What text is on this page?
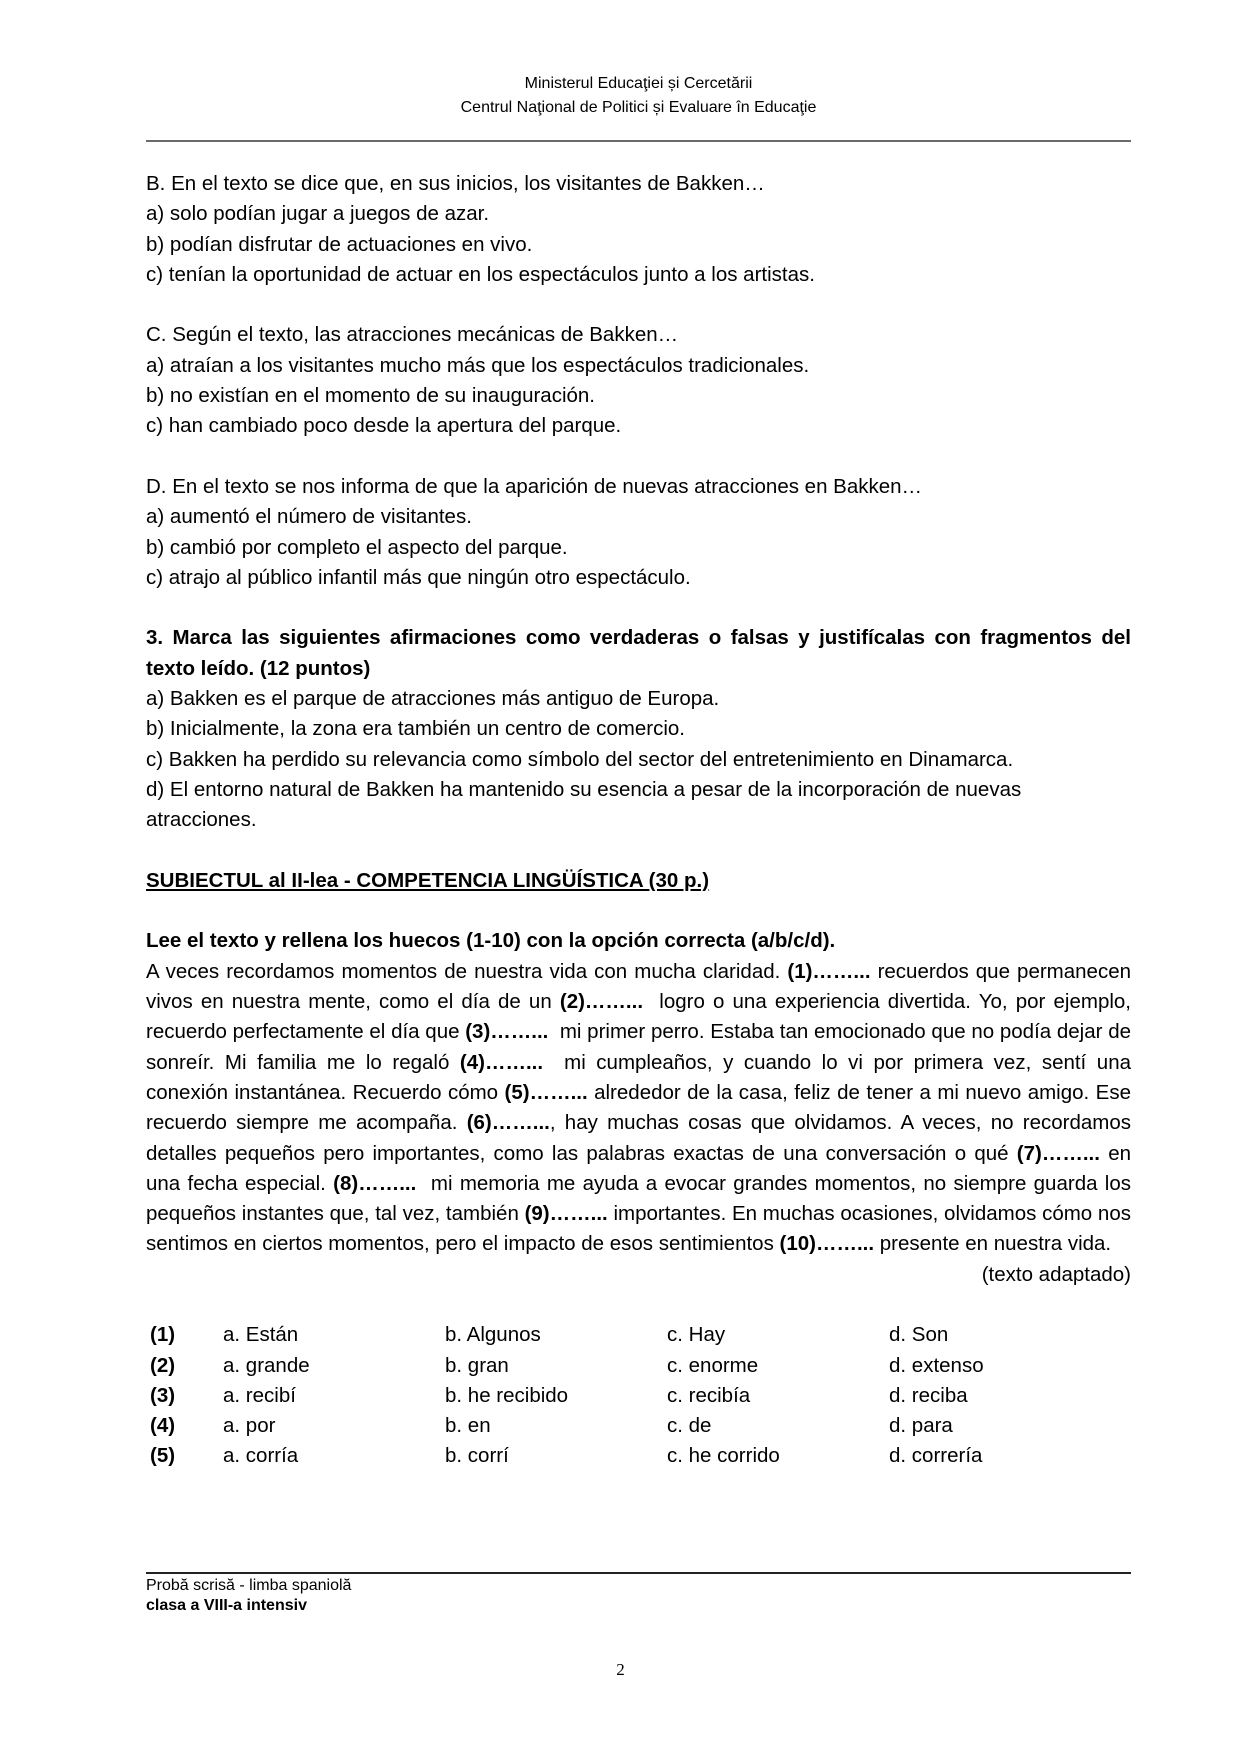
Ministerul Educaţiei și Cercetării
Centrul Naţional de Politici și Evaluare în Educaţie

B. En el texto se dice que, en sus inicios, los visitantes de Bakken…

a) solo podían jugar a juegos de azar.

b) podían disfrutar de actuaciones en vivo.

c) tenían la oportunidad de actuar en los espectáculos junto a los artistas.

C. Según el texto, las atracciones mecánicas de Bakken…

a) atraían a los visitantes mucho más que los espectáculos tradicionales.

b) no existían en el momento de su inauguración.

c) han cambiado poco desde la apertura del parque.

D. En el texto se nos informa de que la aparición de nuevas atracciones en Bakken…

a) aumentó el número de visitantes.

b) cambió por completo el aspecto del parque.

c) atrajo al público infantil más que ningún otro espectáculo.

3. Marca las siguientes afirmaciones como verdaderas o falsas y justifícalas con fragmentos del texto leído. (12 puntos)

a) Bakken es el parque de atracciones más antiguo de Europa.

b) Inicialmente, la zona era también un centro de comercio.

c) Bakken ha perdido su relevancia como símbolo del sector del entretenimiento en Dinamarca.

d) El entorno natural de Bakken ha mantenido su esencia a pesar de la incorporación de nuevas atracciones.

SUBIECTUL al II-lea - COMPETENCIA LINGÜÍSTICA (30 p.)

Lee el texto y rellena los huecos (1-10) con la opción correcta (a/b/c/d).

A veces recordamos momentos de nuestra vida con mucha claridad. (1)……... recuerdos que permanecen vivos en nuestra mente, como el día de un (2)……...  logro o una experiencia divertida. Yo, por ejemplo, recuerdo perfectamente el día que (3)……...  mi primer perro. Estaba tan emocionado que no podía dejar de sonreír. Mi familia me lo regaló (4)……...  mi cumpleaños, y cuando lo vi por primera vez, sentí una conexión instantánea. Recuerdo cómo (5)……... alrededor de la casa, feliz de tener a mi nuevo amigo. Ese recuerdo siempre me acompaña. (6)……..., hay muchas cosas que olvidamos. A veces, no recordamos detalles pequeños pero importantes, como las palabras exactas de una conversación o qué (7)……... en una fecha especial. (8)……...  mi memoria me ayuda a evocar grandes momentos, no siempre guarda los pequeños instantes que, tal vez, también (9)……... importantes. En muchas ocasiones, olvidamos cómo nos sentimos en ciertos momentos, pero el impacto de esos sentimientos (10)……... presente en nuestra vida.

(texto adaptado)

(1) a. Están	b. Algunos	c. Hay	d. Son
(2) a. grande	b. gran	c. enorme	d. extenso
(3) a. recibí	b. he recibido	c. recibía	d. reciba
(4) a. por	b. en	c. de	d. para
(5) a. corría	b. corrí	c. he corrido	d. correría
Probă scrisă - limba spaniolă
clasa a VIII-a intensiv
2
